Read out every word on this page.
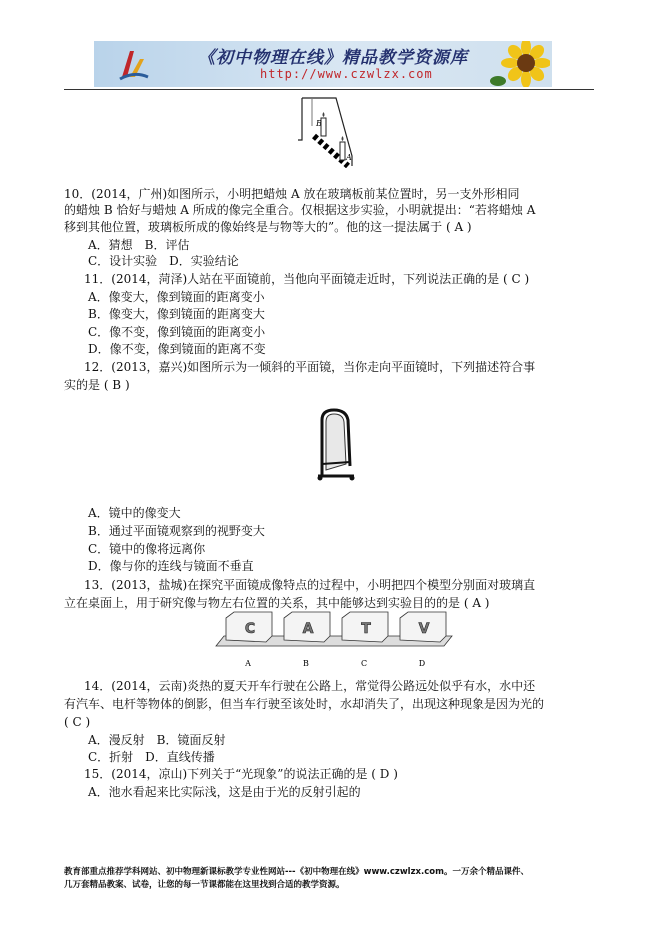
《初中物理在线》精品教学资源库
http://www.czwlzx.com
B
A
10．(2014，广州)如图所示，小明把蜡烛 A 放在玻璃板前某位置时，另一支外形相同
的蜡烛 B 恰好与蜡烛 A 所成的像完全重合。仅根据这步实验，小明就提出：“若将蜡烛 A
移到其他位置，玻璃板所成的像始终是与物等大的”。他的这一提法属于 ( A )
A．猜想　B．评估
C．设计实验　D．实验结论
11．(2014，菏泽)人站在平面镜前，当他向平面镜走近时，下列说法正确的是 ( C )
A．像变大，像到镜面的距离变小
B．像变大，像到镜面的距离变大
C．像不变，像到镜面的距离变小
D．像不变，像到镜面的距离不变
12．(2013，嘉兴)如图所示为一倾斜的平面镜，当你走向平面镜时，下列描述符合事
实的是 ( B )
A．镜中的像变大
B．通过平面镜观察到的视野变大
C．镜中的像将远离你
D．像与你的连线与镜面不垂直
13．(2013，盐城)在探究平面镜成像特点的过程中，小明把四个模型分别面对玻璃直
立在桌面上，用于研究像与物左右位置的关系，其中能够达到实验目的的是 ( A )
C
A
A
B
T
C
V
D
14．(2014，云南)炎热的夏天开车行驶在公路上，常觉得公路远处似乎有水，水中还
有汽车、电杆等物体的倒影，但当车行驶至该处时，水却消失了，出现这种现象是因为光的
( C )
A．漫反射　B．镜面反射
C．折射　D．直线传播
15．(2014，凉山)下列关于“光现象”的说法正确的是 ( D )
A．池水看起来比实际浅，这是由于光的反射引起的
教育部重点推荐学科网站、初中物理新课标教学专业性网站---《初中物理在线》www.czwlzx.com。一万余个精品课件、
几万套精品教案、试卷，让您的每一节课都能在这里找到合适的教学资源。
